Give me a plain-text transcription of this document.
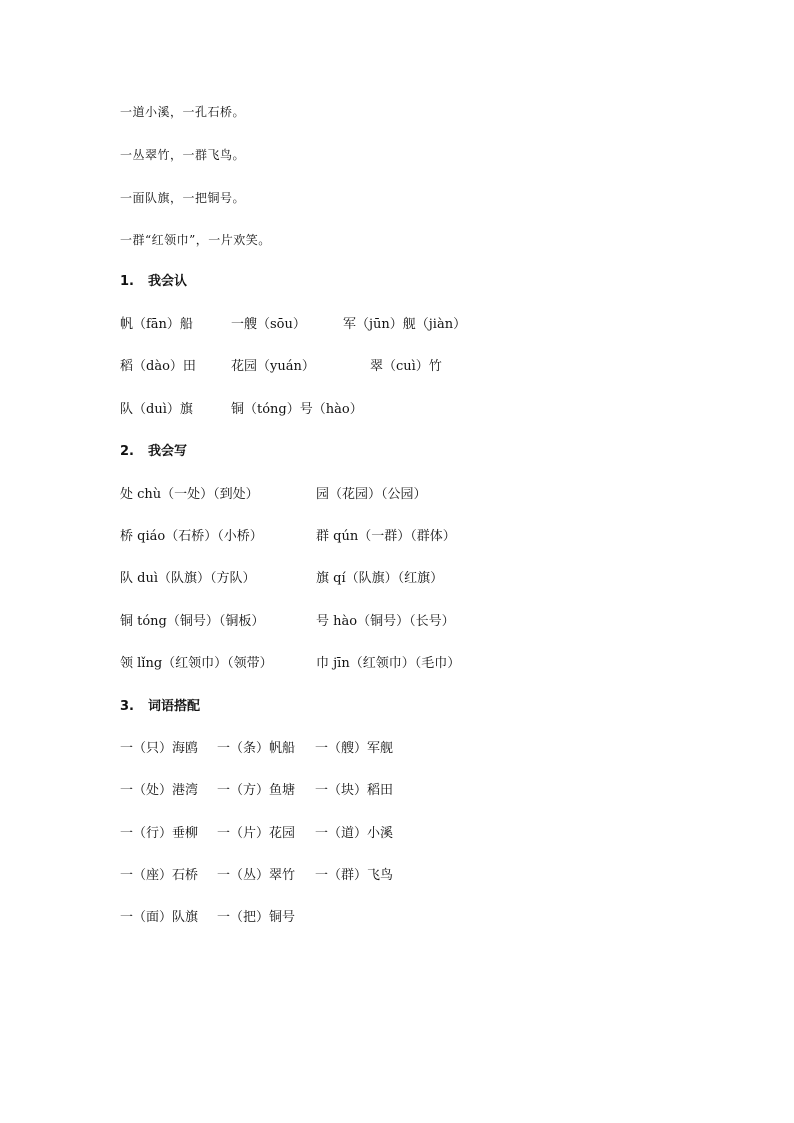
一道小溪，一孔石桥。
一丛翠竹，一群飞鸟。
一面队旗，一把铜号。
一群“红领巾”，一片欢笑。
1. 我会认
帆（fān）船	一艘（sōu）	军（jūn）舰（jiàn）
稻（dào）田	花园（yuán）	翠（cuì）竹
队（duì）旗	铜（tóng）号（hào）
2. 我会写
处 chù（一处）（到处）	园（花园）（公园）
桥 qiáo（石桥）（小桥）	群 qún（一群）（群体）
队 duì（队旗）（方队）	旗 qí（队旗）（红旗）
铜 tóng（铜号）（铜板）	号 hào（铜号）（长号）
领 lǐng（红领巾）（领带）	巾 jīn（红领巾）（毛巾）
3. 词语搭配
一（只）海鸥 一（条）帆船 一（艘）军舰
一（处）港湾 一（方）鱼塘 一（块）稻田
一（行）垂柳 一（片）花园 一（道）小溪
一（座）石桥 一（丛）翠竹 一（群）飞鸟
一（面）队旗 一（把）铜号
